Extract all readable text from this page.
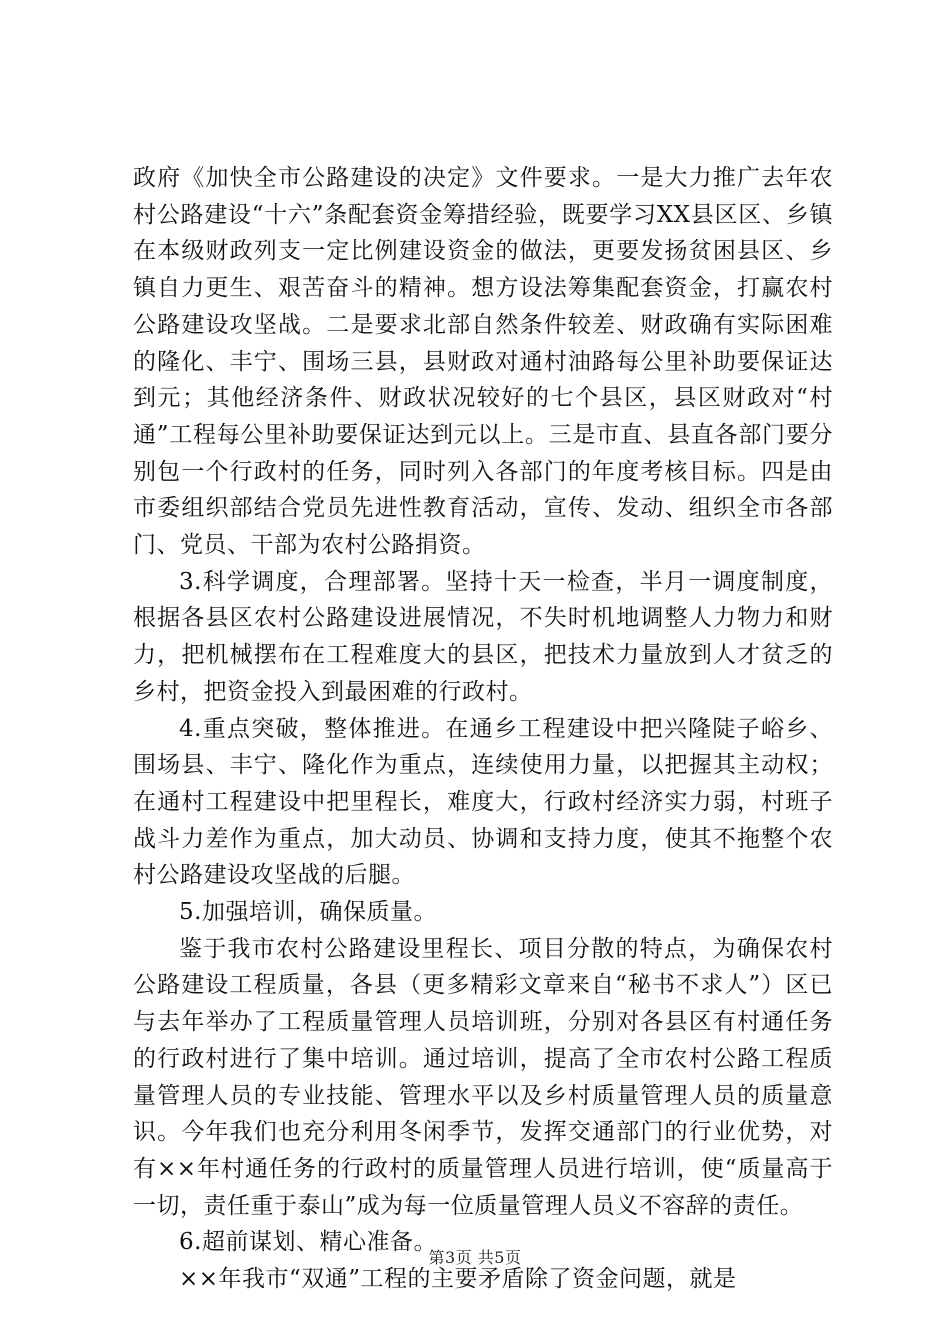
政府《加快全市公路建设的决定》文件要求。一是大力推广去年农村公路建设“十六”条配套资金筹措经验，既要学习XX县区区、乡镇在本级财政列支一定比例建设资金的做法，更要发扬贫困县区、乡镇自力更生、艰苦奋斗的精神。想方设法筹集配套资金，打赢农村公路建设攻坚战。二是要求北部自然条件较差、财政确有实际困难的隆化、丰宁、围场三县，县财政对通村油路每公里补助要保证达到元；其他经济条件、财政状况较好的七个县区，县区财政对“村通”工程每公里补助要保证达到元以上。三是市直、县直各部门要分别包一个行政村的任务，同时列入各部门的年度考核目标。四是由市委组织部结合党员先进性教育活动，宣传、发动、组织全市各部门、党员、干部为农村公路捐资。

3.科学调度，合理部署。坚持十天一检查，半月一调度制度，根据各县区农村公路建设进展情况，不失时机地调整人力物力和财力，把机械摆布在工程难度大的县区，把技术力量放到人才贫乏的乡村，把资金投入到最困难的行政村。

4.重点突破，整体推进。在通乡工程建设中把兴隆陡子峪乡、围场县、丰宁、隆化作为重点，连续使用力量，以把握其主动权；在通村工程建设中把里程长，难度大，行政村经济实力弱，村班子战斗力差作为重点，加大动员、协调和支持力度，使其不拖整个农村公路建设攻坚战的后腿。

5.加强培训，确保质量。

鉴于我市农村公路建设里程长、项目分散的特点，为确保农村公路建设工程质量，各县（更多精彩文章来自“秘书不求人”）区已与去年举办了工程质量管理人员培训班，分别对各县区有村通任务的行政村进行了集中培训。通过培训，提高了全市农村公路工程质量管理人员的专业技能、管理水平以及乡村质量管理人员的质量意识。今年我们也充分利用冬闲季节，发挥交通部门的行业优势，对有××年村通任务的行政村的质量管理人员进行培训，使“质量高于一切，责任重于泰山”成为每一位质量管理人员义不容辞的责任。

6.超前谋划、精心准备。

××年我市“双通”工程的主要矛盾除了资金问题，就是

第3页 共5页
